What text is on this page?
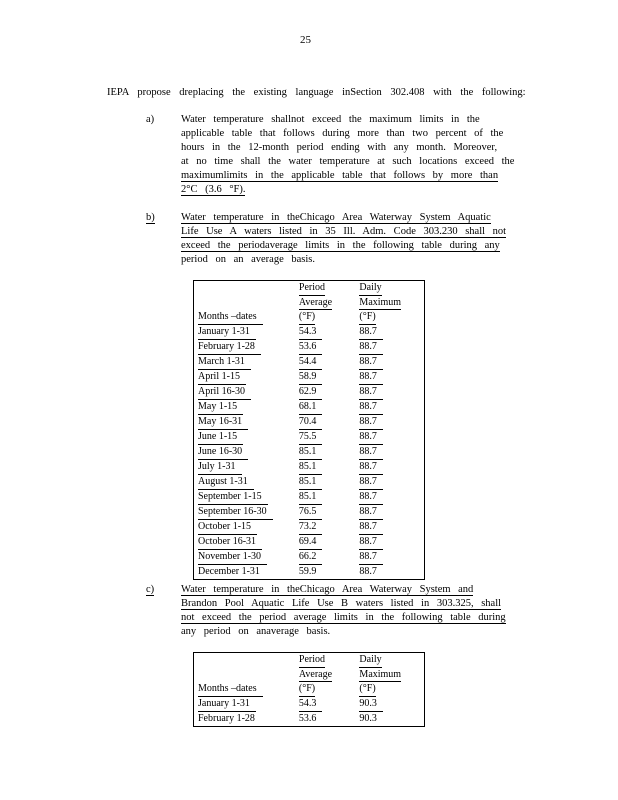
25
IEPA propose dreplacing the existing language inSection 302.408 with the following:
a)	Water temperature shallnot exceed the maximum limits in the
applicable table that follows during more than two percent of the
hours in the 12-month period ending with any month. Moreover,
at no time shall the water temperature at such locations exceed the
maximumlimits in the applicable table that follows by more than
2°C (3.6 °F).
b)	Water temperature in theChicago Area Waterway System Aquatic
Life Use A waters listed in 35 Ill. Adm. Code 303.230 shall not
exceed the periodaverage limits in the following table during any
period on an average basis.
Months –dates	Period
Average
(°F)	Daily
Maximum
(°F)
January 1-31	54.3	88.7
February 1-28	53.6	88.7
March 1-31	54.4	88.7
April 1-15	58.9	88.7
April 16-30	62.9	88.7
May 1-15	68.1	88.7
May 16-31	70.4	88.7
June 1-15	75.5	88.7
June 16-30	85.1	88.7
July 1-31	85.1	88.7
August 1-31	85.1	88.7
September 1-15	85.1	88.7
September 16-30	76.5	88.7
October 1-15	73.2	88.7
October 16-31	69.4	88.7
November 1-30	66.2	88.7
December 1-31	59.9	88.7
c)	Water temperature in theChicago Area Waterway System and
Brandon Pool Aquatic Life Use B waters listed in 303.325, shall
not exceed the period average limits in the following table during
any period on anaverage basis.
Months –dates	Period
Average
(°F)	Daily
Maximum
(°F)
January 1-31	54.3	90.3
February 1-28	53.6	90.3
